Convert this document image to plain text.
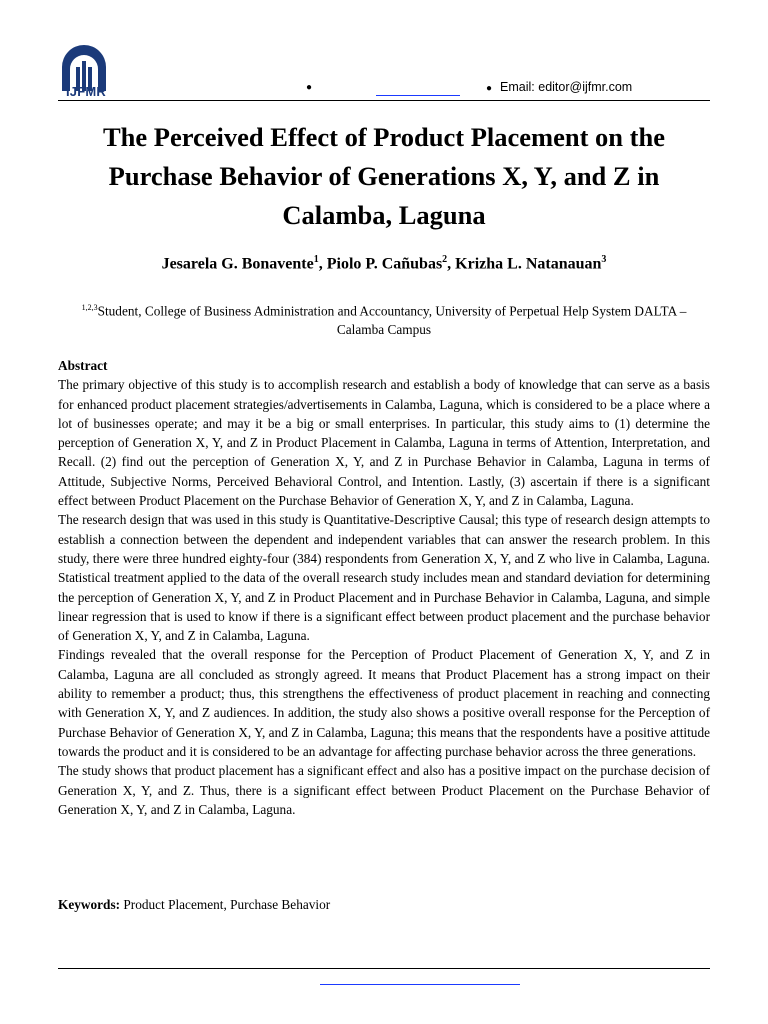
IJFMR	●	● Email: editor@ijfmr.com
The Perceived Effect of Product Placement on the Purchase Behavior of Generations X, Y, and Z in Calamba, Laguna

Jesarela G. Bonavente$^1$, Piolo P. Cañubas$^2$, Krizha L. Natanauan$^3$

$^{1,2,3}$Student, College of Business Administration and Accountancy, University of Perpetual Help System DALTA – Calamba Campus

Abstract

The primary objective of this study is to accomplish research and establish a body of knowledge that can serve as a basis for enhanced product placement strategies/advertisements in Calamba, Laguna, which is considered to be a place where a lot of businesses operate; and may it be a big or small enterprises. In particular, this study aims to (1) determine the perception of Generation X, Y, and Z in Product Placement in Calamba, Laguna in terms of Attention, Interpretation, and Recall. (2) find out the perception of Generation X, Y, and Z in Purchase Behavior in Calamba, Laguna in terms of Attitude, Subjective Norms, Perceived Behavioral Control, and Intention. Lastly, (3) ascertain if there is a significant effect between Product Placement on the Purchase Behavior of Generation X, Y, and Z in Calamba, Laguna.

The research design that was used in this study is Quantitative-Descriptive Causal; this type of research design attempts to establish a connection between the dependent and independent variables that can answer the research problem. In this study, there were three hundred eighty-four (384) respondents from Generation X, Y, and Z who live in Calamba, Laguna. Statistical treatment applied to the data of the overall research study includes mean and standard deviation for determining the perception of Generation X, Y, and Z in Product Placement and in Purchase Behavior in Calamba, Laguna, and simple linear regression that is used to know if there is a significant effect between product placement and the purchase behavior of Generation X, Y, and Z in Calamba, Laguna.

Findings revealed that the overall response for the Perception of Product Placement of Generation X, Y, and Z in Calamba, Laguna are all concluded as strongly agreed. It means that Product Placement has a strong impact on their ability to remember a product; thus, this strengthens the effectiveness of product placement in reaching and connecting with Generation X, Y, and Z audiences. In addition, the study also shows a positive overall response for the Perception of Purchase Behavior of Generation X, Y, and Z in Calamba, Laguna; this means that the respondents have a positive attitude towards the product and it is considered to be an advantage for affecting purchase behavior across the three generations.

The study shows that product placement has a significant effect and also has a positive impact on the purchase decision of Generation X, Y, and Z. Thus, there is a significant effect between Product Placement on the Purchase Behavior of Generation X, Y, and Z in Calamba, Laguna.

Keywords: Product Placement, Purchase Behavior
